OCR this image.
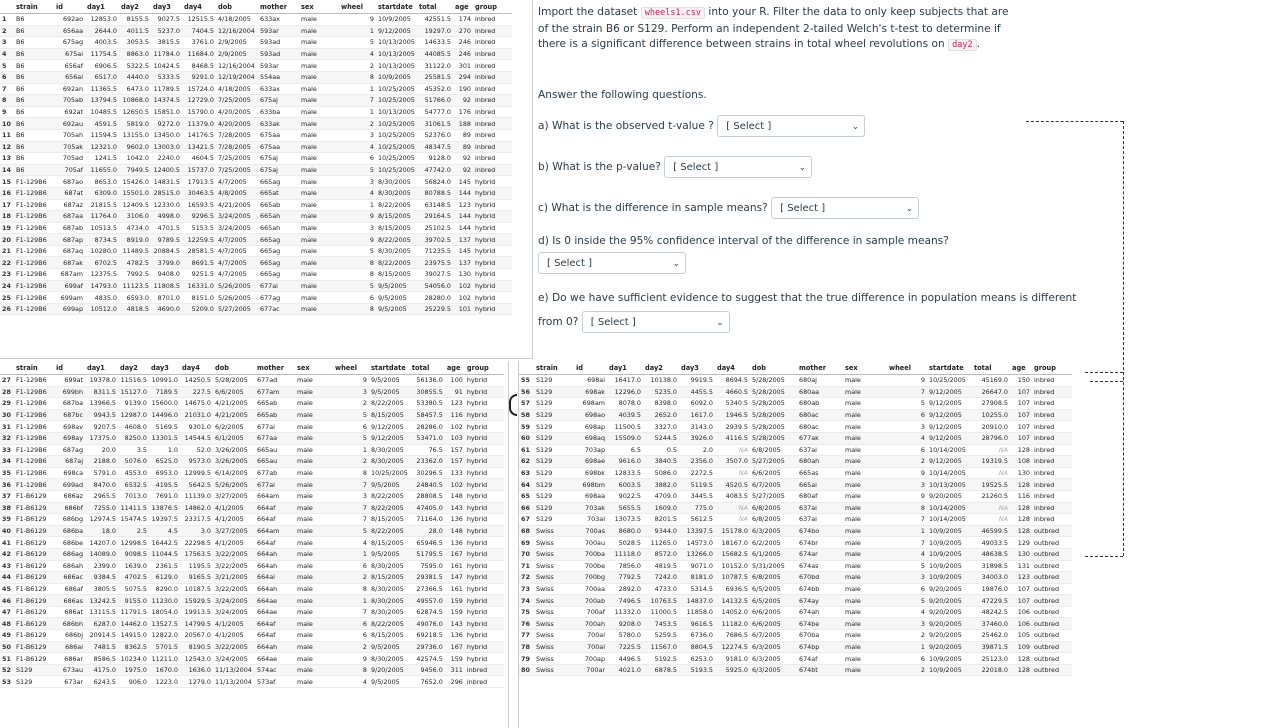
	strain	id	day1	day2	day3	day4	dob	mother	sex	wheel	startdate	total	age	group
1	B6	692ao	12853.0	8155.5	9027.5	12515.5	4/18/2005	633ax	male	9	10/9/2005	42551.5	174	inbred
2	B6	656aa	2644.0	4011.5	5237.0	7404.5	12/16/2004	593ar	male	1	9/12/2005	19297.0	270	inbred
3	B6	675ag	4003.5	3053.5	3815.5	3761.0	2/9/2005	593ad	male	5	10/13/2005	14633.5	246	inbred
4	B6	675ai	11754.5	8863.0	11784.0	11684.0	2/9/2005	593ad	male	4	10/13/2005	44085.5	246	inbred
5	B6	656af	6906.5	5322.5	10424.5	8468.5	12/16/2004	593ar	male	2	10/13/2005	31122.0	301	inbred
6	B6	656al	6517.0	4440.0	5333.5	9291.0	12/19/2004	554aa	male	8	10/9/2005	25581.5	294	inbred
7	B6	692an	11365.5	6473.0	11789.5	15724.0	4/18/2005	633ax	male	1	10/25/2005	45352.0	190	inbred
8	B6	705ab	13794.5	10868.0	14374.5	12729.0	7/25/2005	675aj	male	7	10/25/2005	51766.0	92	inbred
9	B6	692at	10485.5	12650.5	15851.0	15790.0	4/20/2005	633ba	male	1	10/13/2005	54777.0	176	inbred
10	B6	692au	4591.5	5819.0	9272.0	11379.0	4/20/2005	633ak	male	2	10/25/2005	31061.5	188	inbred
11	B6	705ah	11594.5	13155.0	13450.0	14176.5	7/28/2005	675aa	male	3	10/25/2005	52376.0	89	inbred
12	B6	705ak	12321.0	9602.0	13003.0	13421.5	7/28/2005	675aa	male	4	10/25/2005	48347.5	89	inbred
13	B6	705ad	1241.5	1042.0	2240.0	4604.5	7/25/2005	675aj	male	6	10/25/2005	9128.0	92	inbred
14	B6	705af	11655.0	7949.5	12400.5	15737.0	7/25/2005	675aj	male	5	10/25/2005	47742.0	92	inbred
15	F1-129B6	687ao	8653.0	15426.0	14831.5	17913.5	4/7/2005	665ag	male	3	8/30/2005	56824.0	145	hybrid
16	F1-129B6	687at	6309.0	15501.0	28515.0	30463.5	4/8/2005	665at	male	4	8/30/2005	80788.5	144	hybrid
17	F1-129B6	687az	21815.5	12409.5	12330.0	16593.5	4/21/2005	665ab	male	1	8/22/2005	63148.5	123	hybrid
18	F1-129B6	687aa	11764.0	3106.0	4998.0	9296.5	3/24/2005	665ah	male	9	8/15/2005	29164.5	144	hybrid
19	F1-129B6	687ab	10513.5	4734.0	4701.5	5153.5	3/24/2005	665ah	male	3	8/15/2005	25102.5	144	hybrid
20	F1-129B6	687ap	8734.5	8919.0	9789.5	12259.5	4/7/2005	665ag	male	9	8/22/2005	39702.5	137	hybrid
21	F1-129B6	687aq	10280.0	11489.5	20884.5	28581.5	4/7/2005	665ag	male	5	8/30/2005	71235.5	145	hybrid
22	F1-129B6	687ak	6702.5	4782.5	3799.0	8691.5	4/7/2005	665ag	male	8	8/22/2005	23975.5	137	hybrid
23	F1-129B6	687am	12375.5	7992.5	9408.0	9251.5	4/7/2005	665ag	male	8	8/15/2005	39027.5	130	hybrid
24	F1-129B6	699af	14793.0	11123.5	11808.5	16331.0	5/26/2005	677ai	male	5	9/5/2005	54056.0	102	hybrid
25	F1-129B6	699am	4835.0	6593.0	8701.0	8151.0	5/26/2005	677ag	male	6	9/5/2005	28280.0	102	hybrid
26	F1-129B6	699ap	10512.0	4818.5	4690.0	5209.0	5/27/2005	677ac	male	8	9/5/2005	25229.5	101	hybrid
	strain	id	day1	day2	day3	day4	dob	mother	sex	wheel	startdate	total	age	group
27	F1-129B6	699at	19378.0	11516.5	10991.0	14250.5	5/28/2005	677ad	male	9	9/5/2005	56136.0	100	hybrid
28	F1-129B6	699bh	8311.5	15127.0	7189.5	227.5	6/6/2005	677am	male	3	9/5/2005	30855.5	91	hybrid
29	F1-129B6	687ba	13966.5	9139.0	15600.0	14675.0	4/21/2005	665ab	male	2	8/22/2005	53380.5	123	hybrid
30	F1-129B6	687bc	9943.5	12987.0	14496.0	21031.0	4/21/2005	665ab	male	5	8/15/2005	58457.5	116	hybrid
31	F1-129B6	698av	9207.5	4608.0	5169.5	9301.0	6/2/2005	677ai	male	6	9/12/2005	28286.0	102	hybrid
32	F1-129B6	698ay	17375.0	8250.0	13301.5	14544.5	6/1/2005	677aa	male	5	9/12/2005	53471.0	103	hybrid
33	F1-129B6	687ag	20.0	3.5	1.0	52.0	3/26/2005	665au	male	1	8/30/2005	76.5	157	hybrid
34	F1-129B6	687aj	2188.0	5076.0	6525.0	9573.0	3/26/2005	665au	male	2	8/30/2005	23362.0	157	hybrid
35	F1-129B6	698ca	5791.0	4553.0	6953.0	12999.5	6/14/2005	677ab	male	8	10/25/2005	30296.5	133	hybrid
36	F1-129B6	699ad	8470.0	6532.5	4195.5	5642.5	5/26/2005	677ai	male	7	9/5/2005	24840.5	102	hybrid
37	F1-B6129	686az	2965.5	7013.0	7691.0	11139.0	3/27/2005	664am	male	3	8/22/2005	28808.5	148	hybrid
38	F1-B6129	686bf	7255.0	11411.5	13876.5	14862.0	4/1/2005	664af	male	7	8/22/2005	47405.0	143	hybrid
39	F1-B6129	686bg	12974.5	15474.5	19397.5	23317.5	4/1/2005	664af	male	7	8/15/2005	71164.0	136	hybrid
40	F1-B6129	686ba	18.0	2.5	4.5	3.0	3/27/2005	664am	male	5	8/22/2005	28.0	148	hybrid
41	F1-B6129	686be	14207.0	12998.5	16442.5	22298.5	4/1/2005	664af	male	4	8/15/2005	65946.5	136	hybrid
42	F1-B6129	686ag	14089.0	9098.5	11044.5	17563.5	3/22/2005	664ah	male	1	9/5/2005	51795.5	167	hybrid
43	F1-B6129	686ah	2399.0	1639.0	2361.5	1195.5	3/22/2005	664ah	male	6	8/30/2005	7595.0	161	hybrid
44	F1-B6129	686ac	9384.5	4702.5	6129.0	9165.5	3/21/2005	664ai	male	2	8/15/2005	29381.5	147	hybrid
45	F1-B6129	686af	3805.5	5075.5	8290.0	10187.5	3/22/2005	664ah	male	8	8/30/2005	27366.5	161	hybrid
46	F1-B6129	686as	13242.5	9155.0	11230.0	15929.5	3/24/2005	664ae	male	1	8/30/2005	49557.0	159	hybrid
47	F1-B6129	686at	13115.5	11791.5	18054.0	19913.5	3/24/2005	664ae	male	7	8/30/2005	62874.5	159	hybrid
48	F1-B6129	686bh	6287.0	14462.0	13527.5	14799.5	4/1/2005	664af	male	6	8/22/2005	49076.0	143	hybrid
49	F1-B6129	686bj	20914.5	14915.0	12822.0	20567.0	4/1/2005	664af	male	6	8/15/2005	69218.5	136	hybrid
50	F1-B6129	686ai	7481.5	8362.5	5701.5	8190.5	3/22/2005	664ah	male	2	9/5/2005	29736.0	167	hybrid
51	F1-B6129	686ar	8586.5	10234.0	11211.0	12543.0	3/24/2005	664ae	male	9	8/30/2005	42574.5	159	hybrid
52	S129	673au	4175.0	1975.0	1670.0	1636.0	11/13/2004	574ac	male	8	9/20/2005	9456.0	311	inbred
53	S129	673ar	6243.5	906.0	1223.0	1279.0	11/13/2004	573af	male	4	9/5/2005	7652.0	296	inbred
	strain	id	day1	day2	day3	day4	dob	mother	sex	wheel	startdate	total	age	group
55	S129	698ai	16417.0	10138.0	9919.5	8694.5	5/28/2005	680aj	male	9	10/25/2005	45169.0	150	inbred
56	S129	698ak	12296.0	5235.0	4455.5	4660.5	5/28/2005	680aa	male	7	9/12/2005	26647.0	107	inbred
57	S129	698am	8078.0	8398.0	6092.0	5340.5	5/28/2005	680ab	male	5	9/12/2005	27908.5	107	inbred
58	S129	698ao	4039.5	2652.0	1617.0	1946.5	5/28/2005	680ac	male	6	9/12/2005	10255.0	107	inbred
59	S129	698ap	11500.5	3327.0	3143.0	2939.5	5/28/2005	680ac	male	3	9/12/2005	20910.0	107	inbred
60	S129	698aq	15509.0	5244.5	3926.0	4116.5	5/28/2005	677ak	male	4	9/12/2005	28796.0	107	inbred
61	S129	703ap	6.5	0.5	2.0	NA	6/8/2005	637ai	male	6	10/14/2005	NA	128	inbred
62	S129	698ae	9616.0	3840.5	2356.0	3507.0	5/27/2005	680ah	male	2	9/12/2005	19319.5	108	inbred
63	S129	698bk	12833.5	5086.0	2272.5	NA	6/6/2005	665as	male	9	10/14/2005	NA	130	inbred
64	S129	698bm	6003.5	3882.0	5119.5	4520.5	6/7/2005	665ai	male	3	10/13/2005	19525.5	128	inbred
65	S129	698aa	9022.5	4709.0	3445.5	4083.5	5/27/2005	680af	male	9	9/20/2005	21260.5	116	inbred
66	S129	703ak	5655.5	1609.0	775.0	NA	6/8/2005	637ai	male	8	10/14/2005	NA	128	inbred
67	S129	703al	13073.5	8201.5	5612.5	NA	6/8/2005	637ai	male	7	10/14/2005	NA	128	inbred
68	Swiss	700as	8680.0	9344.0	13397.5	15178.0	6/3/2005	674bo	male	1	10/9/2005	46599.5	128	outbred
69	Swiss	700au	5028.5	11265.0	14573.0	18167.0	6/2/2005	674br	male	7	10/9/2005	49033.5	129	outbred
70	Swiss	700ba	11118.0	8572.0	13266.0	15682.5	6/1/2005	674ar	male	4	10/9/2005	48638.5	130	outbred
71	Swiss	700be	7856.0	4819.5	9071.0	10152.0	5/31/2005	674as	male	5	10/9/2005	31898.5	131	outbred
72	Swiss	700bg	7792.5	7242.0	8181.0	10787.5	6/8/2005	670bd	male	3	10/9/2005	34003.0	123	outbred
73	Swiss	700aa	2892.0	4733.0	5314.5	6936.5	6/5/2005	674bb	male	6	9/20/2005	19876.0	107	outbred
74	Swiss	700ab	7496.5	10763.5	14837.0	14132.5	6/5/2005	674ay	male	5	9/20/2005	47229.5	107	outbred
75	Swiss	700af	11332.0	11000.5	11858.0	14052.0	6/6/2005	674ah	male	4	9/20/2005	48242.5	106	outbred
76	Swiss	700ah	9208.0	7453.5	9616.5	11182.0	6/6/2005	674be	male	3	9/20/2005	37460.0	106	outbred
77	Swiss	700ai	5780.0	5259.5	6736.0	7686.5	6/7/2005	670ba	male	2	9/20/2005	25462.0	105	outbred
78	Swiss	700al	7225.5	11567.0	8804.5	12274.5	6/3/2005	674bp	male	1	9/20/2005	39871.5	109	outbred
79	Swiss	700ap	4496.5	5192.5	6253.0	9181.0	6/3/2005	674af	male	6	10/9/2005	25123.0	128	outbred
80	Swiss	700ar	4021.0	6878.5	5193.5	5925.0	6/3/2005	674bt	male	2	10/9/2005	22018.0	128	outbred

Import the dataset wheels1.csv into your R. Filter the data to only keep subjects that are of the strain B6 or S129. Perform an independent 2-tailed Welch's t-test to determine if there is a significant difference between strains in total wheel revolutions on day2 .

Answer the following questions.
a) What is the observed t-value ? [ Select ]	⌄
b) What is the p-value? [ Select ]	⌄
c) What is the difference in sample means? [ Select ]	⌄
d) Is 0 inside the 95% confidence interval of the difference in sample means?
[ Select ]	⌄
e) Do we have sufficient evidence to suggest that the true difference in population means is different
from 0? [ Select ]	⌄
